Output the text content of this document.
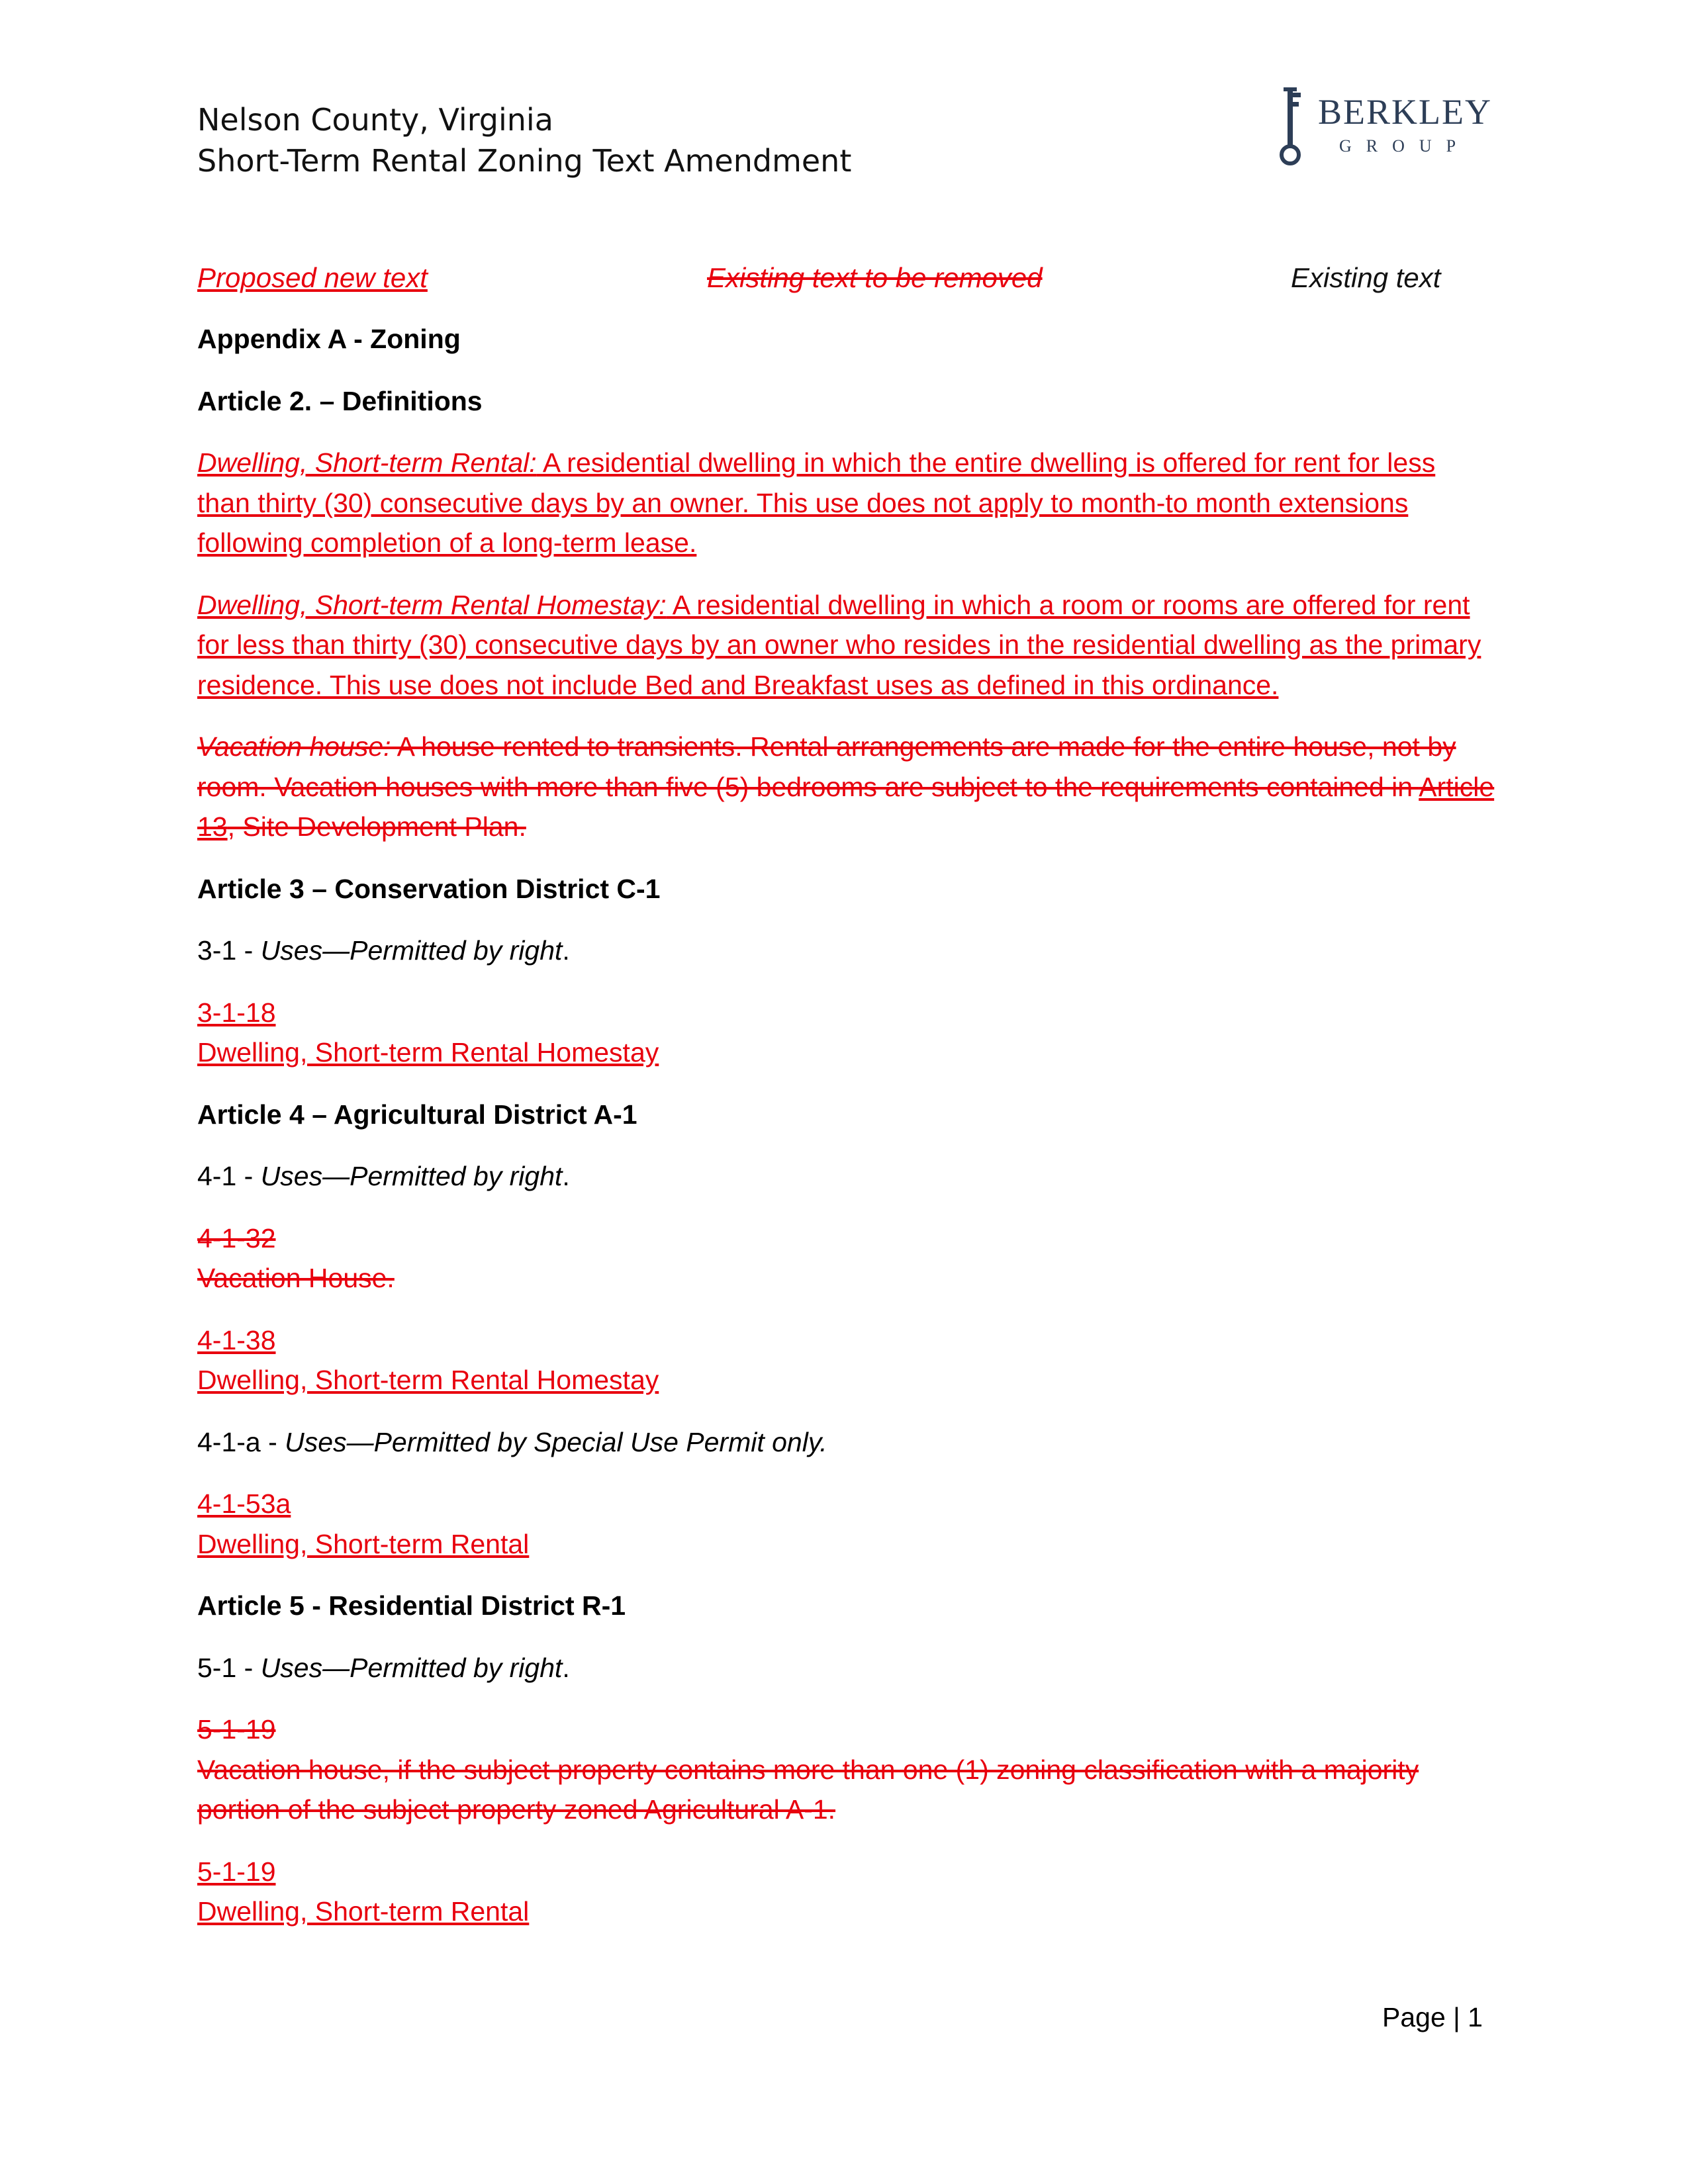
Nelson County, Virginia
Short-Term Rental Zoning Text Amendment
BERKLEY
GROUP
Proposed new text	Existing text to be removed	Existing text

Appendix A - Zoning

Article 2. – Definitions

Dwelling, Short-term Rental: A residential dwelling in which the entire dwelling is offered for rent for less than thirty (30) consecutive days by an owner. This use does not apply to month-to month extensions following completion of a long-term lease.

Dwelling, Short-term Rental Homestay: A residential dwelling in which a room or rooms are offered for rent for less than thirty (30) consecutive days by an owner who resides in the residential dwelling as the primary residence. This use does not include Bed and Breakfast uses as defined in this ordinance.

Vacation house: A house rented to transients. Rental arrangements are made for the entire house, not by room. Vacation houses with more than five (5) bedrooms are subject to the requirements contained in Article 13, Site Development Plan.

Article 3 – Conservation District C-1

3-1 - Uses—Permitted by right.

3-1-18
Dwelling, Short-term Rental Homestay

Article 4 – Agricultural District A-1

4-1 - Uses—Permitted by right.

4-1-32
Vacation House.

4-1-38
Dwelling, Short-term Rental Homestay

4-1-a - Uses—Permitted by Special Use Permit only.

4-1-53a
Dwelling, Short-term Rental

Article 5 - Residential District R-1

5-1 - Uses—Permitted by right.

5-1-19
Vacation house, if the subject property contains more than one (1) zoning classification with a majority portion of the subject property zoned Agricultural A-1.

5-1-19
Dwelling, Short-term Rental

Page | 1
